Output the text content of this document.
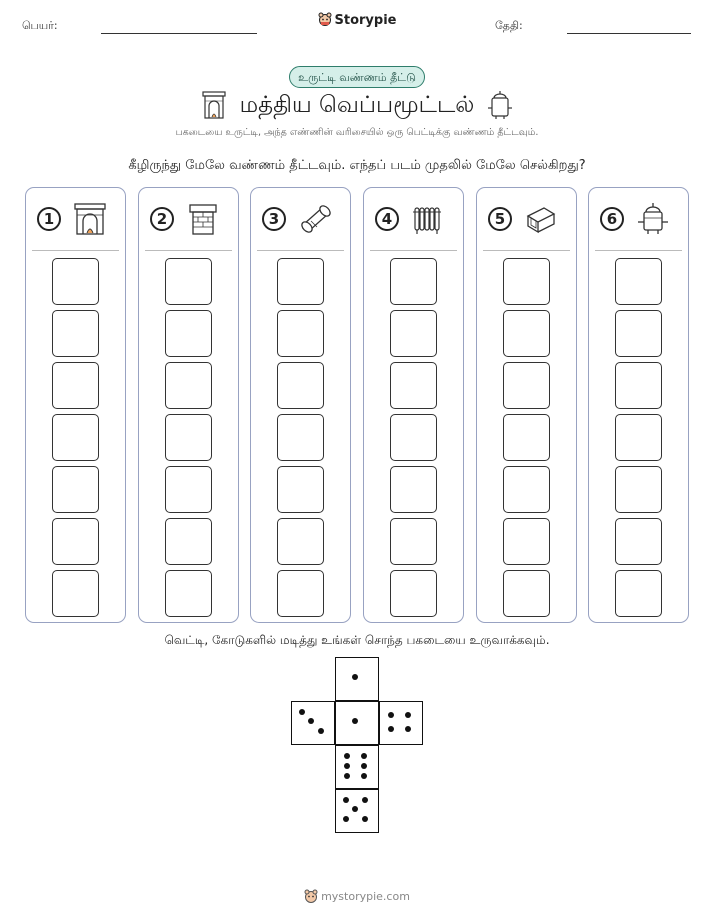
பெயர்:	Storypie	தேதி:
உருட்டி வண்ணம் தீட்டு
மத்திய வெப்பமூட்டல்
பகடையை உருட்டி, அந்த எண்ணின் வரிசையில் ஒரு பெட்டிக்கு வண்ணம் தீட்டவும்.
கீழிருந்து மேலே வண்ணம் தீட்டவும். எந்தப் படம் முதலில் மேலே செல்கிறது?
1	2	3	4	5	6
வெட்டி, கோடுகளில் மடித்து உங்கள் சொந்த பகடையை உருவாக்கவும்.
mystorypie.com
